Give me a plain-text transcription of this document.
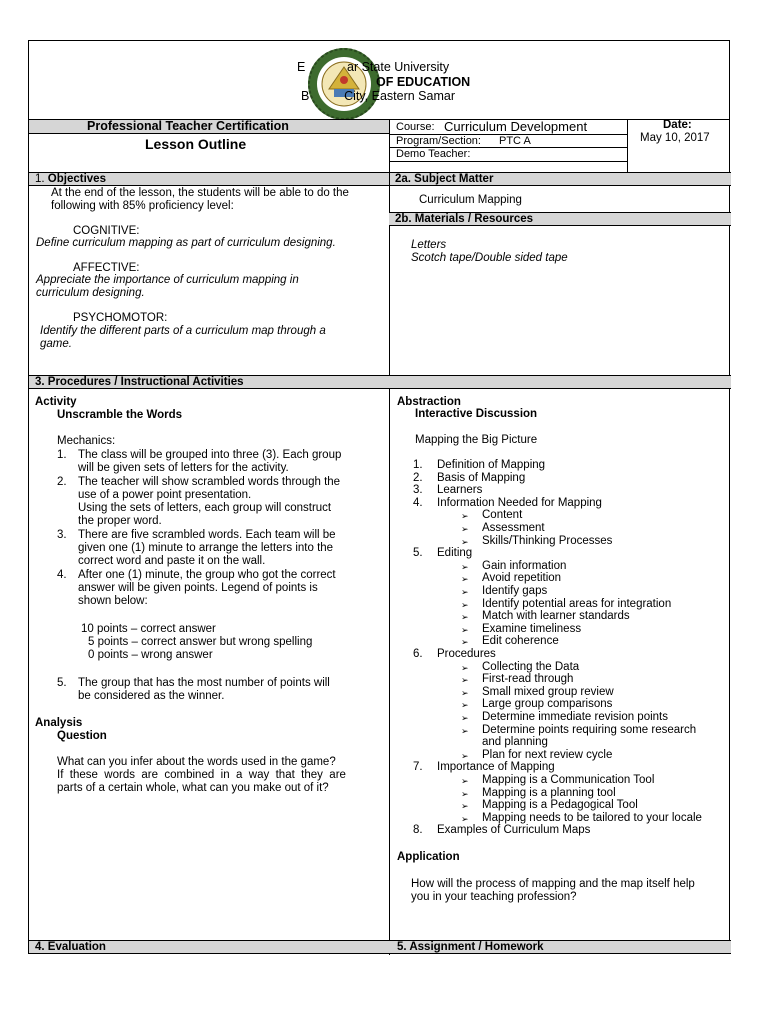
E            ar State University
OF EDUCATION
B          City, Eastern Samar
Professional Teacher Certification
Lesson Outline
Course: Curriculum Development
Program/Section: PTC A
Demo Teacher:
Date:
May 10, 2017
1. Objectives	2a. Subject Matter
At the end of the lesson, the students will be able to do the
following with 85% proficiency level:
COGNITIVE:
Define curriculum mapping as part of curriculum designing.
AFFECTIVE:
Appreciate the importance of curriculum mapping in
curriculum designing.
PSYCHOMOTOR:
Identify the different parts of a curriculum map through a
game.
Curriculum Mapping
2b. Materials / Resources
Letters
Scotch tape/Double sided tape
3. Procedures / Instructional Activities
Activity
Unscramble the Words
Mechanics:
1. The class will be grouped into three (3). Each group
will be given sets of letters for the activity.
2. The teacher will show scrambled words through the
use of a power point presentation.
Using the sets of letters, each group will construct
the proper word.
3. There are five scrambled words. Each team will be
given one (1) minute to arrange the letters into the
correct word and paste it on the wall.
4. After one (1) minute, the group who got the correct
answer will be given points. Legend of points is
shown below:
10 points – correct answer
5 points – correct answer but wrong spelling
0 points – wrong answer
5. The group that has the most number of points will
be considered as the winner.
Analysis
Question
What can you infer about the words used in the game?
If  these  words  are  combined  in  a  way  that  they  are
parts of a certain whole, what can you make out of it?
Abstraction
Interactive Discussion
Mapping the Big Picture
1. Definition of Mapping
2. Basis of Mapping
3. Learners
4. Information Needed for Mapping
➢ Content
➢ Assessment
➢ Skills/Thinking Processes
5. Editing
➢ Gain information
➢ Avoid repetition
➢ Identify gaps
➢ Identify potential areas for integration
➢ Match with learner standards
➢ Examine timeliness
➢ Edit coherence
6. Procedures
➢ Collecting the Data
➢ First-read through
➢ Small mixed group review
➢ Large group comparisons
➢ Determine immediate revision points
➢ Determine points requiring some research
and planning
➢ Plan for next review cycle
7. Importance of Mapping
➢ Mapping is a Communication Tool
➢ Mapping is a planning tool
➢ Mapping is a Pedagogical Tool
➢ Mapping needs to be tailored to your locale
8. Examples of Curriculum Maps
Application
How will the process of mapping and the map itself help
you in your teaching profession?
4. Evaluation	5. Assignment / Homework
